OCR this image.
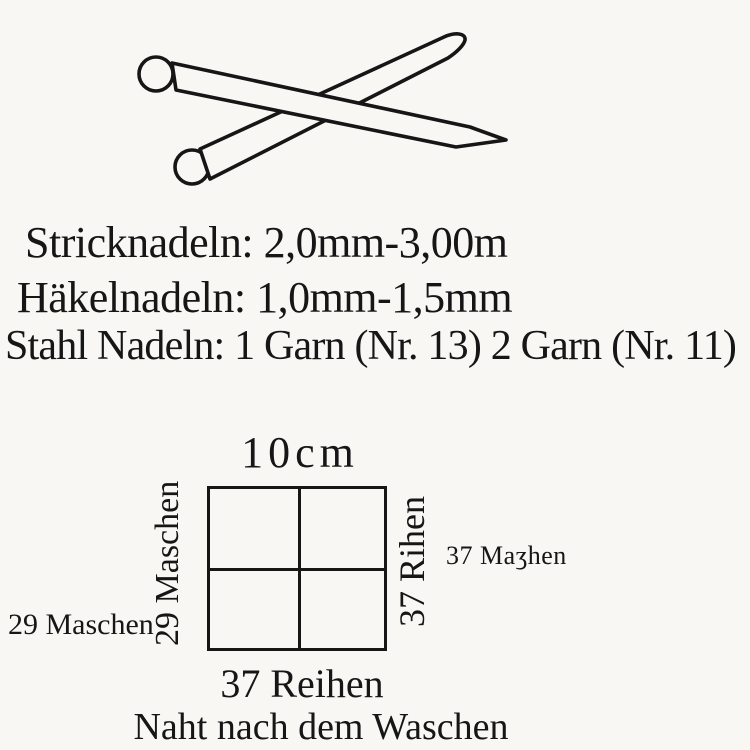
Stricknadeln: 2,0mm-3,00m
Häkelnadeln: 1,0mm-1,5mm
Stahl Nadeln: 1 Garn (Nr. 13) 2 Garn (Nr. 11)
10cm
29 Maschen	37 Rihen
29 Maschen
37 Maʒhen
37 Reihen
Naht nach dem Waschen
